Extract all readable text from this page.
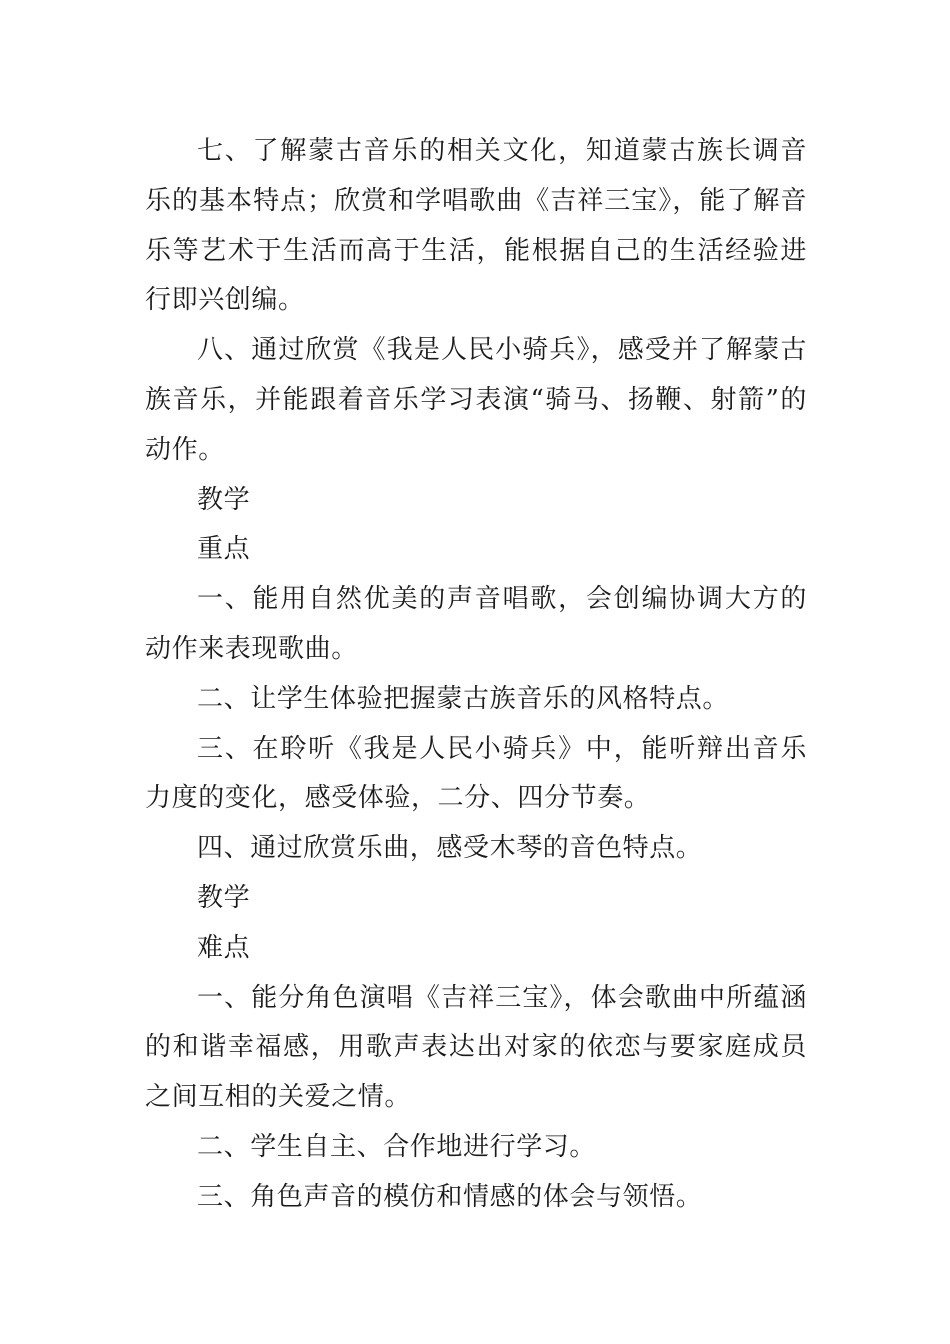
七、了解蒙古音乐的相关文化，知道蒙古族长调音乐的基本特点；欣赏和学唱歌曲《吉祥三宝》，能了解音乐等艺术于生活而高于生活，能根据自己的生活经验进行即兴创编。

八、通过欣赏《我是人民小骑兵》，感受并了解蒙古族音乐，并能跟着音乐学习表演“骑马、扬鞭、射箭”的动作。

教学

重点

一、能用自然优美的声音唱歌，会创编协调大方的动作来表现歌曲。

二、让学生体验把握蒙古族音乐的风格特点。

三、在聆听《我是人民小骑兵》中，能听辩出音乐力度的变化，感受体验，二分、四分节奏。

四、通过欣赏乐曲，感受木琴的音色特点。

教学

难点

一、能分角色演唱《吉祥三宝》，体会歌曲中所蕴涵的和谐幸福感，用歌声表达出对家的依恋与要家庭成员之间互相的关爱之情。

二、学生自主、合作地进行学习。

三、角色声音的模仿和情感的体会与领悟。
